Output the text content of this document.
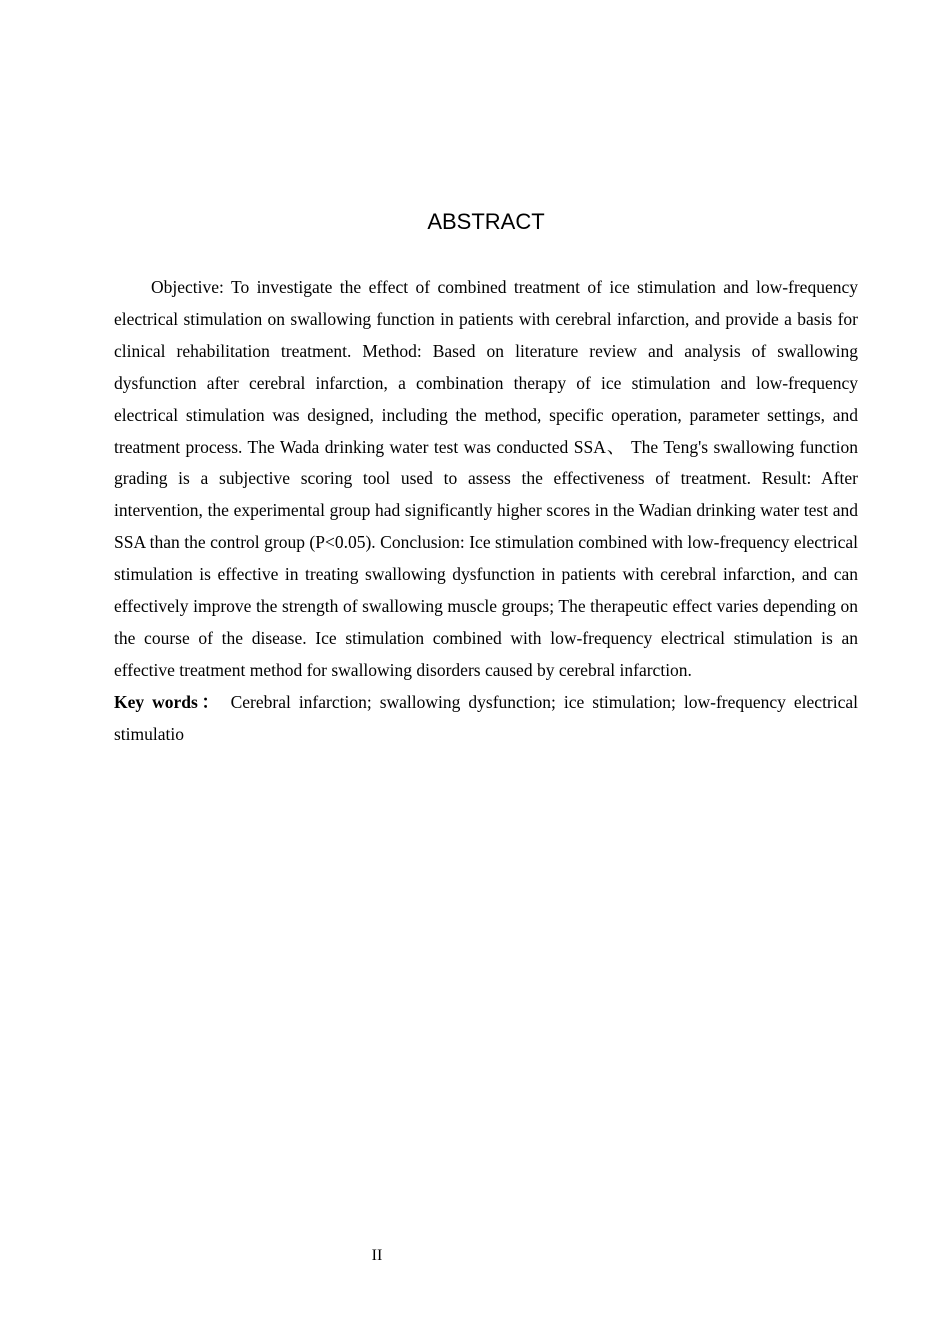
ABSTRACT

Objective: To investigate the effect of combined treatment of ice stimulation and low-frequency electrical stimulation on swallowing function in patients with cerebral infarction, and provide a basis for clinical rehabilitation treatment. Method: Based on literature review and analysis of swallowing dysfunction after cerebral infarction, a combination therapy of ice stimulation and low-frequency electrical stimulation was designed, including the method, specific operation, parameter settings, and treatment process. The Wada drinking water test was conducted SSA、 The Teng's swallowing function grading is a subjective scoring tool used to assess the effectiveness of treatment. Result: After intervention, the experimental group had significantly higher scores in the Wadian drinking water test and SSA than the control group (P<0.05). Conclusion: Ice stimulation combined with low-frequency electrical stimulation is effective in treating swallowing dysfunction in patients with cerebral infarction, and can effectively improve the strength of swallowing muscle groups; The therapeutic effect varies depending on the course of the disease. Ice stimulation combined with low-frequency electrical stimulation is an effective treatment method for swallowing disorders caused by cerebral infarction.

Key words： Cerebral infarction; swallowing dysfunction; ice stimulation; low-frequency electrical stimulatio
II
